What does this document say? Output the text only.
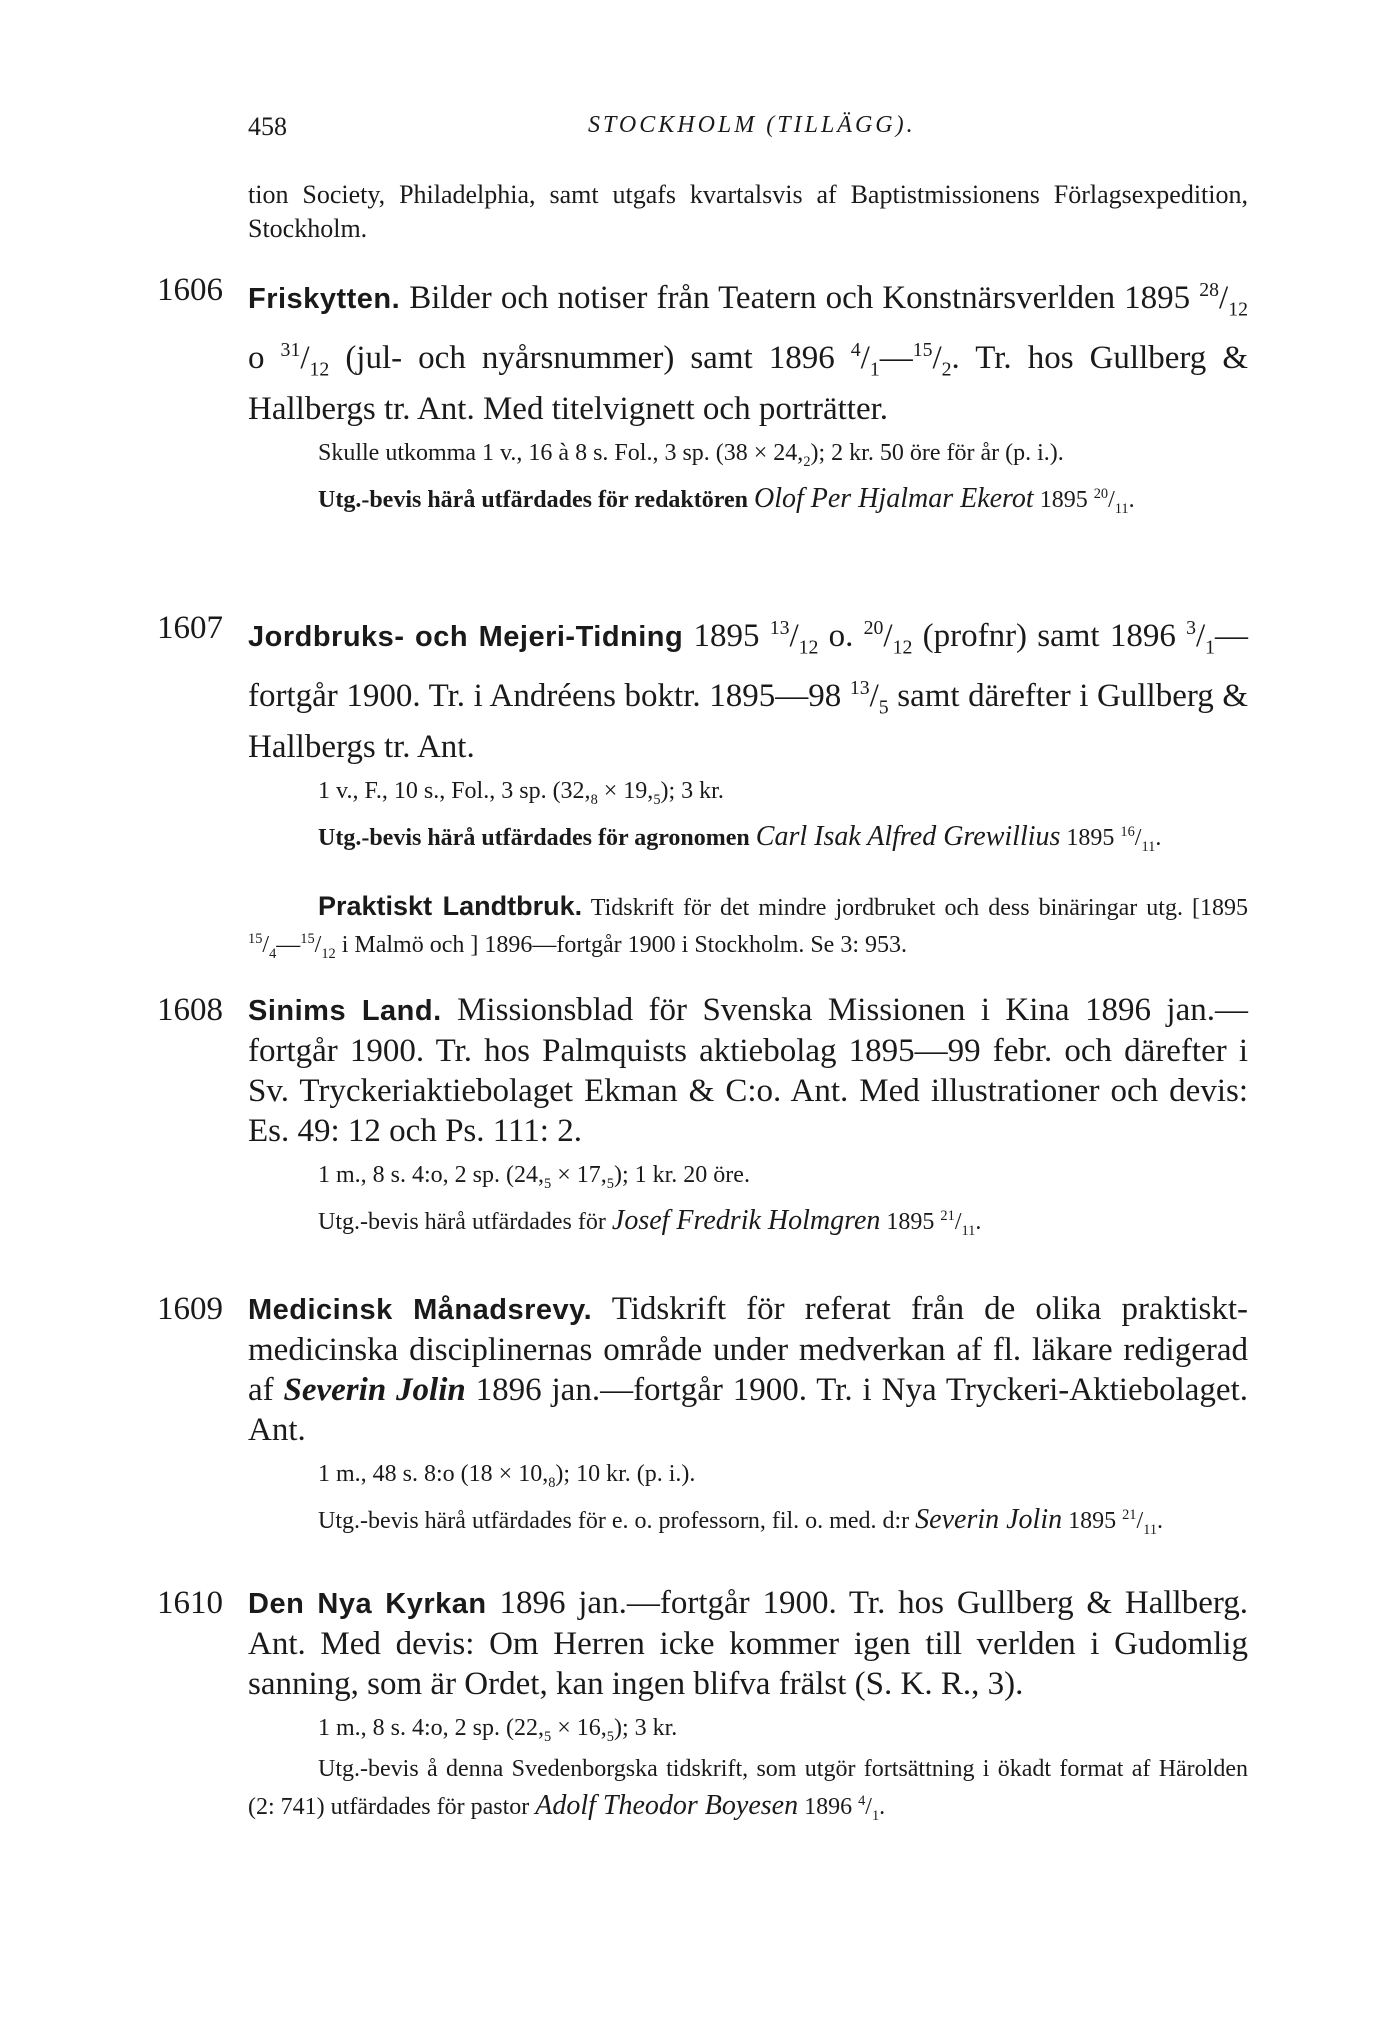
458	STOCKHOLM (TILLÄGG).
tion Society, Philadelphia, samt utgafs kvartalsvis af Baptistmissionens Förlagsexpedition, Stockholm.
1606 Friskytten. Bilder och notiser från Teatern och Konstnärsverlden 1895 $^{28}/_{12}$ o $^{31}/_{12}$ (jul- och nyårsnummer) samt 1896 $^4/_1—^{15}/_2$. Tr. hos Gullberg & Hallbergs tr. Ant. Med titelvignett och porträtter.

Skulle utkomma 1 v., 16 à 8 s. Fol., 3 sp. $(38 \times 24,_2)$; 2 kr. 50 öre för år (p. i.).

Utg.-bevis härå utfärdades för redaktören Olof Per Hjalmar Ekerot 1895 $^{20}/_{11}$.

1607 Jordbruks- och Mejeri-Tidning 1895 $^{13}/_{12}$ o. $^{20}/_{12}$ (profnr) samt 1896 $^3/_1—fortgår$ 1900. Tr. i Andréens boktr. 1895—98 $^{13}/_5$ samt därefter i Gullberg & Hallbergs tr. Ant.

1 v., F., 10 s., Fol., 3 sp. $(32,_8 \times 19,_5)$; 3 kr.

Utg.-bevis härå utfärdades för agronomen Carl Isak Alfred Grewillius 1895 $^{16}/_{11}$.

Praktiskt Landtbruk. Tidskrift för det mindre jordbruket och dess binäringar utg. [1895 $^{15}/_4—^{15}/_{12}$ i Malmö och ] 1896—fortgår 1900 i Stockholm. Se 3: 953.
1608 Sinims Land. Missionsblad för Svenska Missionen i Kina 1896 jan.—fortgår 1900. Tr. hos Palmquists aktiebolag 1895—99 febr. och därefter i Sv. Tryckeriaktiebolaget Ekman & C:o. Ant. Med illustrationer och devis: Es. 49: 12 och Ps. 111: 2.

1 m., 8 s. 4:o, 2 sp. $(24,_5 \times 17,_5)$; 1 kr. 20 öre.

Utg.-bevis härå utfärdades för Josef Fredrik Holmgren 1895 $^{21}/_{11}$.

1609 Medicinsk Månadsrevy. Tidskrift för referat från de olika praktiskt-medicinska disciplinernas område under medverkan af fl. läkare redigerad af Severin Jolin 1896 jan.—fortgår 1900. Tr. i Nya Tryckeri-Aktiebolaget. Ant.

1 m., 48 s. 8:o $(18 \times 10,_8)$; 10 kr. (p. i.).

Utg.-bevis härå utfärdades för e. o. professorn, fil. o. med. d:r Severin Jolin 1895 $^{21}/_{11}$.

1610 Den Nya Kyrkan 1896 jan.—fortgår 1900. Tr. hos Gullberg & Hallberg. Ant. Med devis: Om Herren icke kommer igen till verlden i Gudomlig sanning, som är Ordet, kan ingen blifva frälst (S. K. R., 3).

1 m., 8 s. 4:o, 2 sp. $(22,_5 \times 16,_5)$; 3 kr.

Utg.-bevis å denna Svedenborgska tidskrift, som utgör fortsättning i ökadt format af Härolden (2: 741) utfärdades för pastor Adolf Theodor Boyesen 1896 $^4/_1$.
